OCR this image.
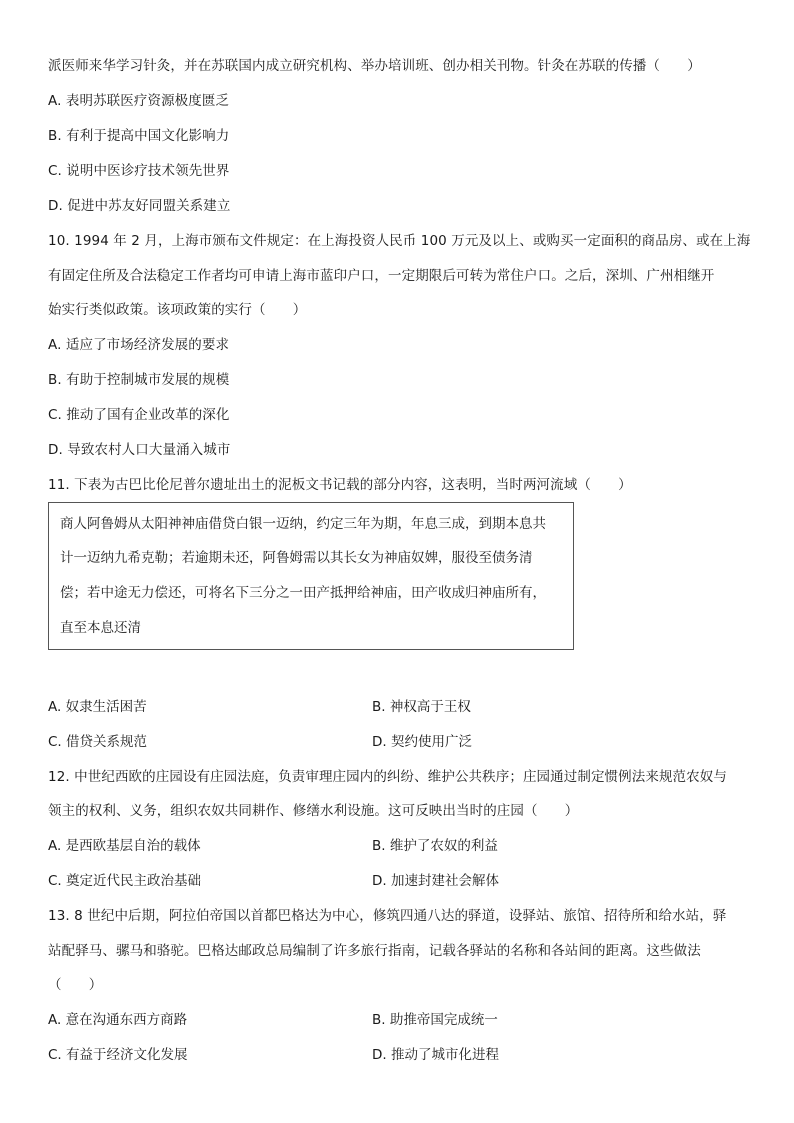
派医师来华学习针灸，并在苏联国内成立研究机构、举办培训班、创办相关刊物。针灸在苏联的传播（　　）
A. 表明苏联医疗资源极度匮乏
B. 有利于提高中国文化影响力
C. 说明中医诊疗技术领先世界
D. 促进中苏友好同盟关系建立
10. 1994 年 2 月，上海市颁布文件规定：在上海投资人民币 100 万元及以上、或购买一定面积的商品房、或在上海
有固定住所及合法稳定工作者均可申请上海市蓝印户口，一定期限后可转为常住户口。之后，深圳、广州相继开
始实行类似政策。该项政策的实行（　　）
A. 适应了市场经济发展的要求
B. 有助于控制城市发展的规模
C. 推动了国有企业改革的深化
D. 导致农村人口大量涌入城市
11. 下表为古巴比伦尼普尔遗址出土的泥板文书记载的部分内容，这表明，当时两河流域（　　）
商人阿鲁姆从太阳神神庙借贷白银一迈纳，约定三年为期，年息三成，到期本息共
计一迈纳九希克勒；若逾期未还，阿鲁姆需以其长女为神庙奴婢，服役至债务清
偿；若中途无力偿还，可将名下三分之一田产抵押给神庙，田产收成归神庙所有，
直至本息还清
A. 奴隶生活困苦	B. 神权高于王权
C. 借贷关系规范	D. 契约使用广泛
12. 中世纪西欧的庄园设有庄园法庭，负责审理庄园内的纠纷、维护公共秩序；庄园通过制定惯例法来规范农奴与
领主的权利、义务，组织农奴共同耕作、修缮水利设施。这可反映出当时的庄园（　　）
A. 是西欧基层自治的载体	B. 维护了农奴的利益
C. 奠定近代民主政治基础	D. 加速封建社会解体
13. 8 世纪中后期，阿拉伯帝国以首都巴格达为中心，修筑四通八达的驿道，设驿站、旅馆、招待所和给水站，驿
站配驿马、骡马和骆驼。巴格达邮政总局编制了许多旅行指南，记载各驿站的名称和各站间的距离。这些做法
（　　）
A. 意在沟通东西方商路	B. 助推帝国完成统一
C. 有益于经济文化发展	D. 推动了城市化进程
